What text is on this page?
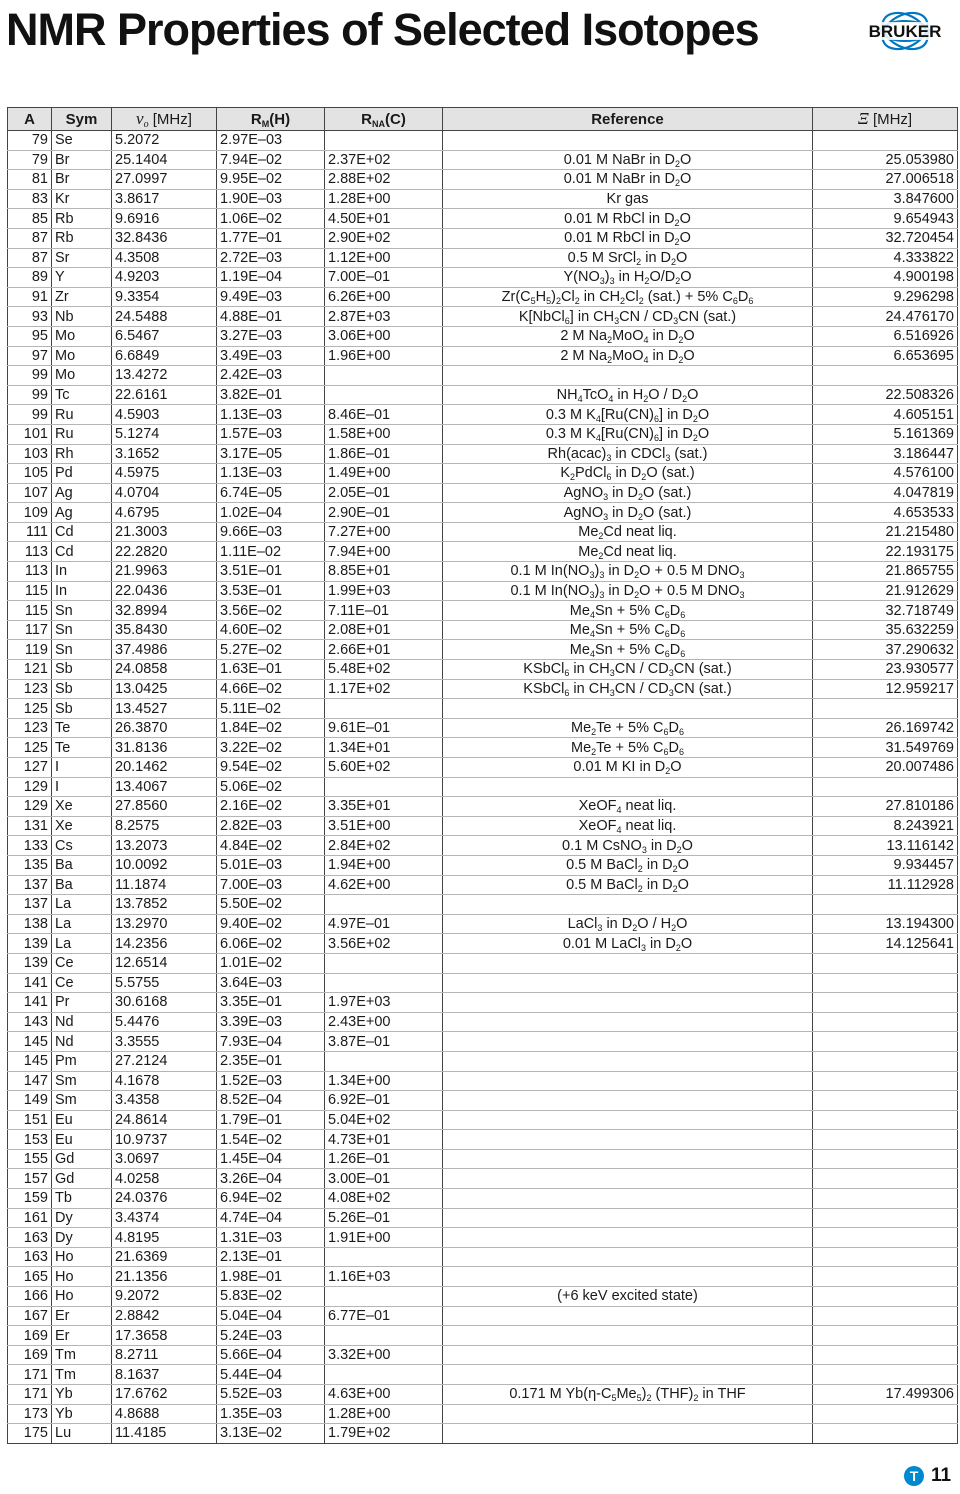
NMR Properties of Selected Isotopes	BRUKER
A	Sym	$\nu_o$ [MHz]	$R_M(H)$	$R_{NA}(C)$	Reference	Ξ [MHz]
79	Se	5.2072	2.97E–03			
79	Br	25.1404	7.94E–02	2.37E+02	0.01 M NaBr in $D_2O$	25.053980
81	Br	27.0997	9.95E–02	2.88E+02	0.01 M NaBr in $D_2O$	27.006518
83	Kr	3.8617	1.90E–03	1.28E+00	Kr gas	3.847600
85	Rb	9.6916	1.06E–02	4.50E+01	0.01 M RbCl in $D_2O$	9.654943
87	Rb	32.8436	1.77E–01	2.90E+02	0.01 M RbCl in $D_2O$	32.720454
87	Sr	4.3508	2.72E–03	1.12E+00	0.5 M SrCl$_2$ in $D_2O$	4.333822
89	Y	4.9203	1.19E–04	7.00E–01	$Y(NO_3)_3$ in $H_2O/D_2O$	4.900198
91	Zr	9.3354	9.49E–03	6.26E+00	$Zr(C_5H_5)_2Cl_2$ in $CH_2Cl_2$ (sat.) + 5% $C_6D_6$	9.296298
93	Nb	24.5488	4.88E–01	2.87E+03	K[NbCl$_6$] in $CH_3CN / CD_3CN$ (sat.)	24.476170
95	Mo	6.5467	3.27E–03	3.06E+00	2 M $Na_2MoO_4$ in $D_2O$	6.516926
97	Mo	6.6849	3.49E–03	1.96E+00	2 M $Na_2MoO_4$ in $D_2O$	6.653695
99	Mo	13.4272	2.42E–03			
99	Tc	22.6161	3.82E–01		$NH_4TcO_4$ in $H_2O / D_2O$	22.508326
99	Ru	4.5903	1.13E–03	8.46E–01	0.3 M $K_4[Ru(CN)_6]$ in $D_2O$	4.605151
101	Ru	5.1274	1.57E–03	1.58E+00	0.3 M $K_4[Ru(CN)_6]$ in $D_2O$	5.161369
103	Rh	3.1652	3.17E–05	1.86E–01	$Rh(acac)_3$ in CDCl$_3$ (sat.)	3.186447
105	Pd	4.5975	1.13E–03	1.49E+00	$K_2PdCl_6$ in $D_2O$ (sat.)	4.576100
107	Ag	4.0704	6.74E–05	2.05E–01	AgNO$_3$ in $D_2O$ (sat.)	4.047819
109	Ag	4.6795	1.02E–04	2.90E–01	AgNO$_3$ in $D_2O$ (sat.)	4.653533
111	Cd	21.3003	9.66E–03	7.27E+00	$Me_2Cd$ neat liq.	21.215480
113	Cd	22.2820	1.11E–02	7.94E+00	$Me_2Cd$ neat liq.	22.193175
113	In	21.9963	3.51E–01	8.85E+01	0.1 M $In(NO_3)_3$ in $D_2O + 0.5$ M $DNO_3$	21.865755
115	In	22.0436	3.53E–01	1.99E+03	0.1 M $In(NO_3)_3$ in $D_2O + 0.5$ M $DNO_3$	21.912629
115	Sn	32.8994	3.56E–02	7.11E–01	$Me_4Sn + 5\%$ $C_6D_6$	32.718749
117	Sn	35.8430	4.60E–02	2.08E+01	$Me_4Sn + 5\%$ $C_6D_6$	35.632259
119	Sn	37.4986	5.27E–02	2.66E+01	$Me_4Sn + 5\%$ $C_6D_6$	37.290632
121	Sb	24.0858	1.63E–01	5.48E+02	KSbCl$_6$ in $CH_3CN / CD_3CN$ (sat.)	23.930577
123	Sb	13.0425	4.66E–02	1.17E+02	KSbCl$_6$ in $CH_3CN / CD_3CN$ (sat.)	12.959217
125	Sb	13.4527	5.11E–02			
123	Te	26.3870	1.84E–02	9.61E–01	$Me_2Te + 5\%$ $C_6D_6$	26.169742
125	Te	31.8136	3.22E–02	1.34E+01	$Me_2Te + 5\%$ $C_6D_6$	31.549769
127	I	20.1462	9.54E–02	5.60E+02	0.01 M KI in $D_2O$	20.007486
129	I	13.4067	5.06E–02			
129	Xe	27.8560	2.16E–02	3.35E+01	XeOF$_4$ neat liq.	27.810186
131	Xe	8.2575	2.82E–03	3.51E+00	XeOF$_4$ neat liq.	8.243921
133	Cs	13.2073	4.84E–02	2.84E+02	0.1 M CsNO$_3$ in $D_2O$	13.116142
135	Ba	10.0092	5.01E–03	1.94E+00	0.5 M BaCl$_2$ in $D_2O$	9.934457
137	Ba	11.1874	7.00E–03	4.62E+00	0.5 M BaCl$_2$ in $D_2O$	11.112928
137	La	13.7852	5.50E–02			
138	La	13.2970	9.40E–02	4.97E–01	LaCl$_3$ in $D_2O / H_2O$	13.194300
139	La	14.2356	6.06E–02	3.56E+02	0.01 M LaCl$_3$ in $D_2O$	14.125641
139	Ce	12.6514	1.01E–02			
141	Ce	5.5755	3.64E–03			
141	Pr	30.6168	3.35E–01	1.97E+03		
143	Nd	5.4476	3.39E–03	2.43E+00		
145	Nd	3.3555	7.93E–04	3.87E–01		
145	Pm	27.2124	2.35E–01			
147	Sm	4.1678	1.52E–03	1.34E+00		
149	Sm	3.4358	8.52E–04	6.92E–01		
151	Eu	24.8614	1.79E–01	5.04E+02		
153	Eu	10.9737	1.54E–02	4.73E+01		
155	Gd	3.0697	1.45E–04	1.26E–01		
157	Gd	4.0258	3.26E–04	3.00E–01		
159	Tb	24.0376	6.94E–02	4.08E+02		
161	Dy	3.4374	4.74E–04	5.26E–01		
163	Dy	4.8195	1.31E–03	1.91E+00		
163	Ho	21.6369	2.13E–01			
165	Ho	21.1356	1.98E–01	1.16E+03		
166	Ho	9.2072	5.83E–02		(+6 keV excited state)	
167	Er	2.8842	5.04E–04	6.77E–01		
169	Er	17.3658	5.24E–03			
169	Tm	8.2711	5.66E–04	3.32E+00		
171	Tm	8.1637	5.44E–04			
171	Yb	17.6762	5.52E–03	4.63E+00	0.171 M $Yb(\eta-C_5Me_5)_2$ $(THF)_2$ in THF	17.499306
173	Yb	4.8688	1.35E–03	1.28E+00		
175	Lu	11.4185	3.13E–02	1.79E+02		
T 11
